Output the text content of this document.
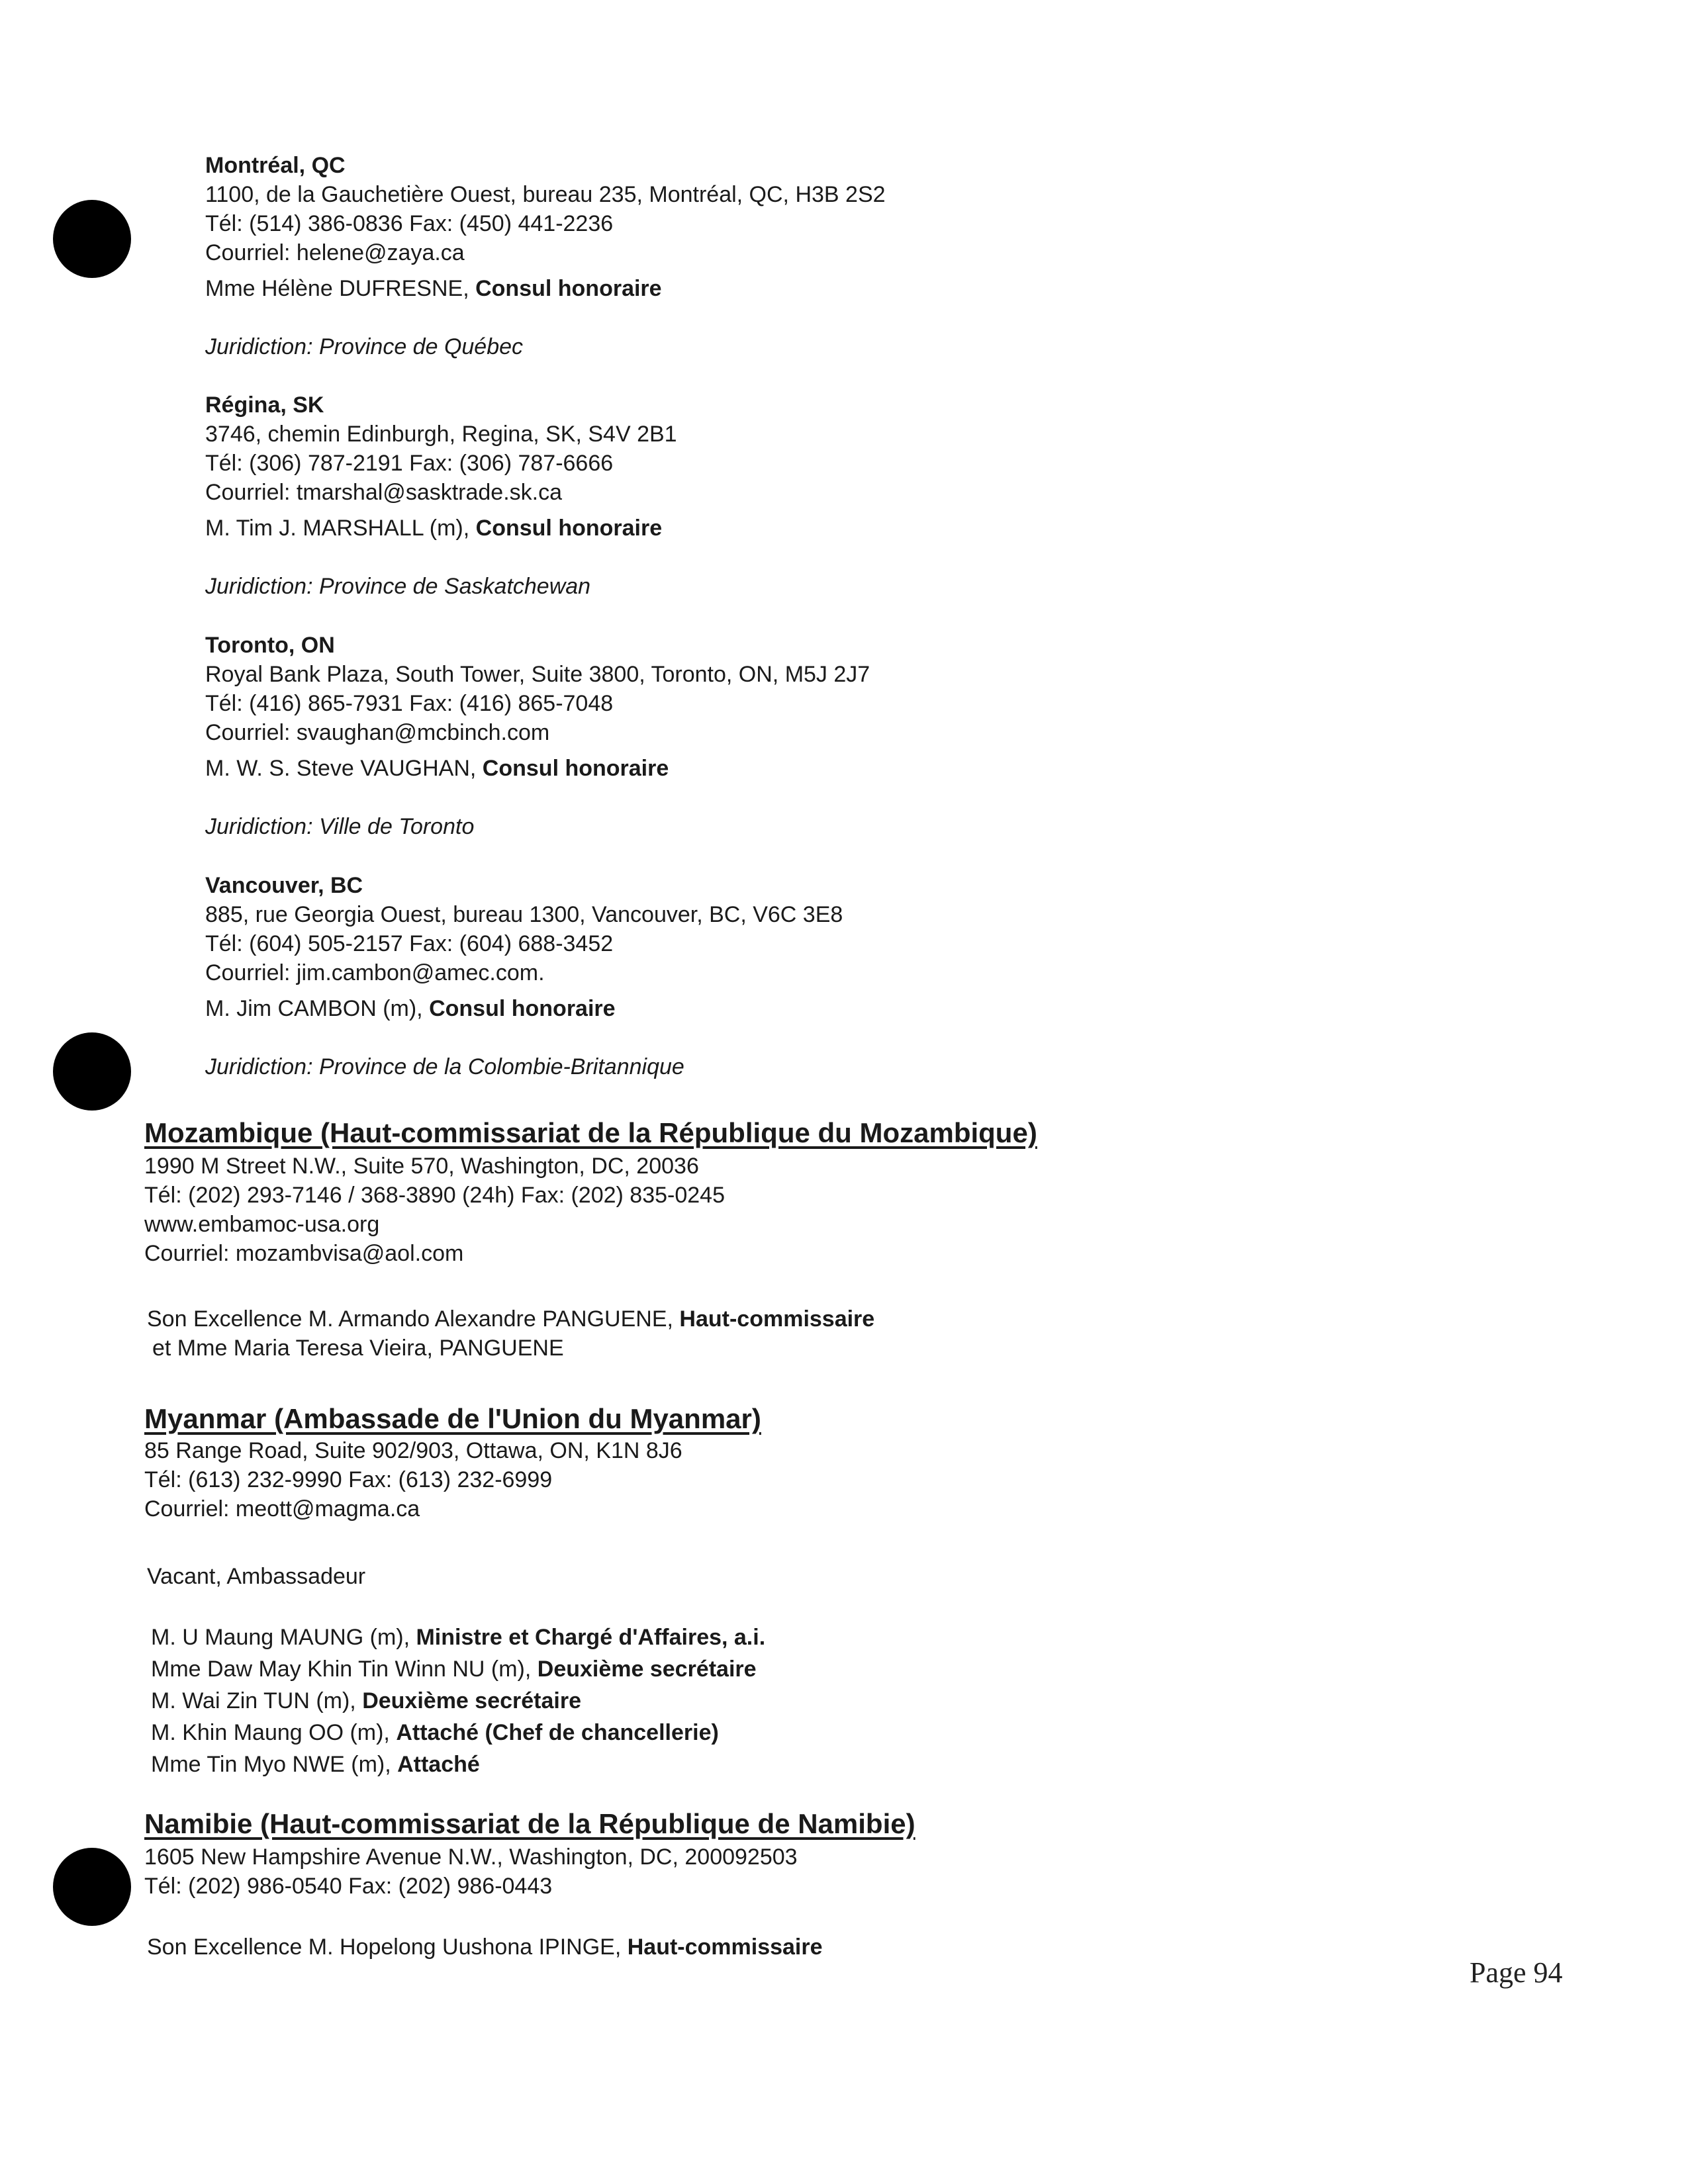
Montréal, QC
1100, de la Gauchetière Ouest, bureau 235, Montréal, QC, H3B 2S2
Tél: (514) 386-0836 Fax: (450) 441-2236
Courriel: helene@zaya.ca
Mme Hélène DUFRESNE, Consul honoraire
Juridiction: Province de Québec
Régina, SK
3746, chemin Edinburgh, Regina, SK, S4V 2B1
Tél: (306) 787-2191 Fax: (306) 787-6666
Courriel: tmarshal@sasktrade.sk.ca
M. Tim J. MARSHALL (m), Consul honoraire
Juridiction: Province de Saskatchewan
Toronto, ON
Royal Bank Plaza, South Tower, Suite 3800, Toronto, ON, M5J 2J7
Tél: (416) 865-7931 Fax: (416) 865-7048
Courriel: svaughan@mcbinch.com
M. W. S. Steve VAUGHAN, Consul honoraire
Juridiction: Ville de Toronto
Vancouver, BC
885, rue Georgia Ouest, bureau 1300, Vancouver, BC, V6C 3E8
Tél: (604) 505-2157 Fax: (604) 688-3452
Courriel: jim.cambon@amec.com.
M. Jim CAMBON (m), Consul honoraire
Juridiction: Province de la Colombie-Britannique
Mozambique (Haut-commissariat de la République du Mozambique)
1990 M Street N.W., Suite 570, Washington, DC, 20036
Tél: (202) 293-7146 / 368-3890 (24h) Fax: (202) 835-0245
www.embamoc-usa.org
Courriel: mozambvisa@aol.com
Son Excellence M. Armando Alexandre PANGUENE, Haut-commissaire
et Mme Maria Teresa Vieira, PANGUENE
Myanmar (Ambassade de l'Union du Myanmar)
85 Range Road, Suite 902/903, Ottawa, ON, K1N 8J6
Tél: (613) 232-9990 Fax: (613) 232-6999
Courriel: meott@magma.ca
Vacant, Ambassadeur
M. U Maung MAUNG (m), Ministre et Chargé d'Affaires, a.i.
Mme Daw May Khin Tin Winn NU (m), Deuxième secrétaire
M. Wai Zin TUN (m), Deuxième secrétaire
M. Khin Maung OO (m), Attaché (Chef de chancellerie)
Mme Tin Myo NWE (m), Attaché
Namibie (Haut-commissariat de la République de Namibie)
1605 New Hampshire Avenue N.W., Washington, DC, 200092503
Tél: (202) 986-0540 Fax: (202) 986-0443
Son Excellence M. Hopelong Uushona IPINGE, Haut-commissaire
Page 94
